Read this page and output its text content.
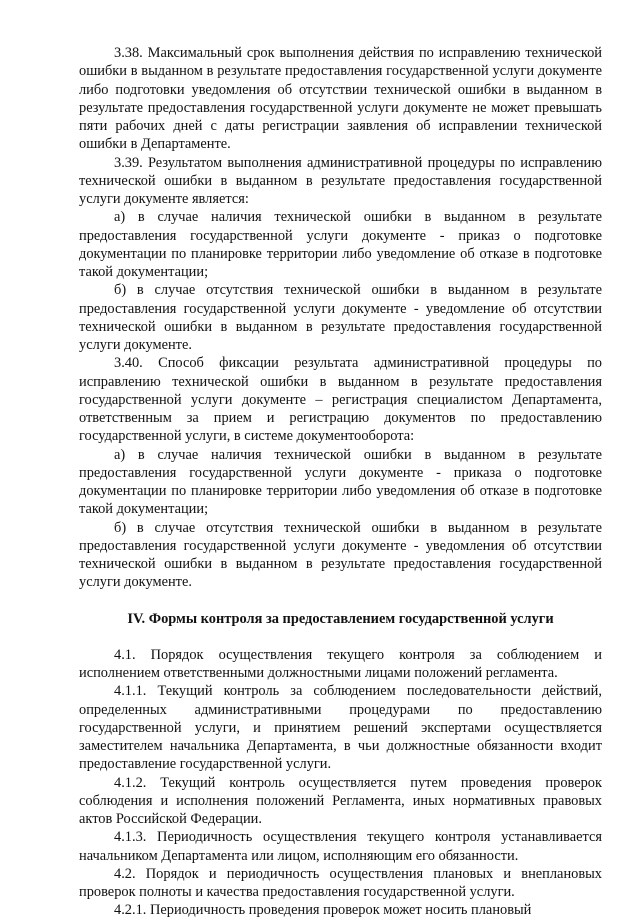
3.38. Максимальный срок выполнения действия по исправлению технической ошибки в выданном в результате предоставления государственной услуги документе либо подготовки уведомления об отсутствии технической ошибки в выданном в результате предоставления государственной услуги документе не может превышать пяти рабочих дней с даты регистрации заявления об исправлении технической ошибки в Департаменте.

3.39. Результатом выполнения административной процедуры по исправлению технической ошибки в выданном в результате предоставления государственной услуги документе является:

а) в случае наличия технической ошибки в выданном в результате предоставления государственной услуги документе - приказ о подготовке документации по планировке территории либо уведомление об отказе в подготовке такой документации;

б) в случае отсутствия технической ошибки в выданном в результате предоставления государственной услуги документе - уведомление об отсутствии технической ошибки в выданном в результате предоставления государственной услуги документе.

3.40. Способ фиксации результата административной процедуры по исправлению технической ошибки в выданном в результате предоставления государственной услуги документе – регистрация специалистом Департамента, ответственным за прием и регистрацию документов по предоставлению государственной услуги, в системе документооборота:

а) в случае наличия технической ошибки в выданном в результате предоставления государственной услуги документе - приказа о подготовке документации по планировке территории либо уведомления об отказе в подготовке такой документации;

б) в случае отсутствия технической ошибки в выданном в результате предоставления государственной услуги документе - уведомления об отсутствии технической ошибки в выданном в результате предоставления государственной услуги документе.

IV. Формы контроля за предоставлением государственной услуги

4.1. Порядок осуществления текущего контроля за соблюдением и исполнением ответственными должностными лицами положений регламента.

4.1.1. Текущий контроль за соблюдением последовательности действий, определенных административными процедурами по предоставлению государственной услуги, и принятием решений экспертами осуществляется заместителем начальника Департамента, в чьи должностные обязанности входит предоставление государственной услуги.

4.1.2. Текущий контроль осуществляется путем проведения проверок соблюдения и исполнения положений Регламента, иных нормативных правовых актов Российской Федерации.

4.1.3. Периодичность осуществления текущего контроля устанавливается начальником Департамента или лицом, исполняющим его обязанности.

4.2. Порядок и периодичность осуществления плановых и внеплановых проверок полноты и качества предоставления государственной услуги.

4.2.1. Периодичность проведения проверок может носить плановый
